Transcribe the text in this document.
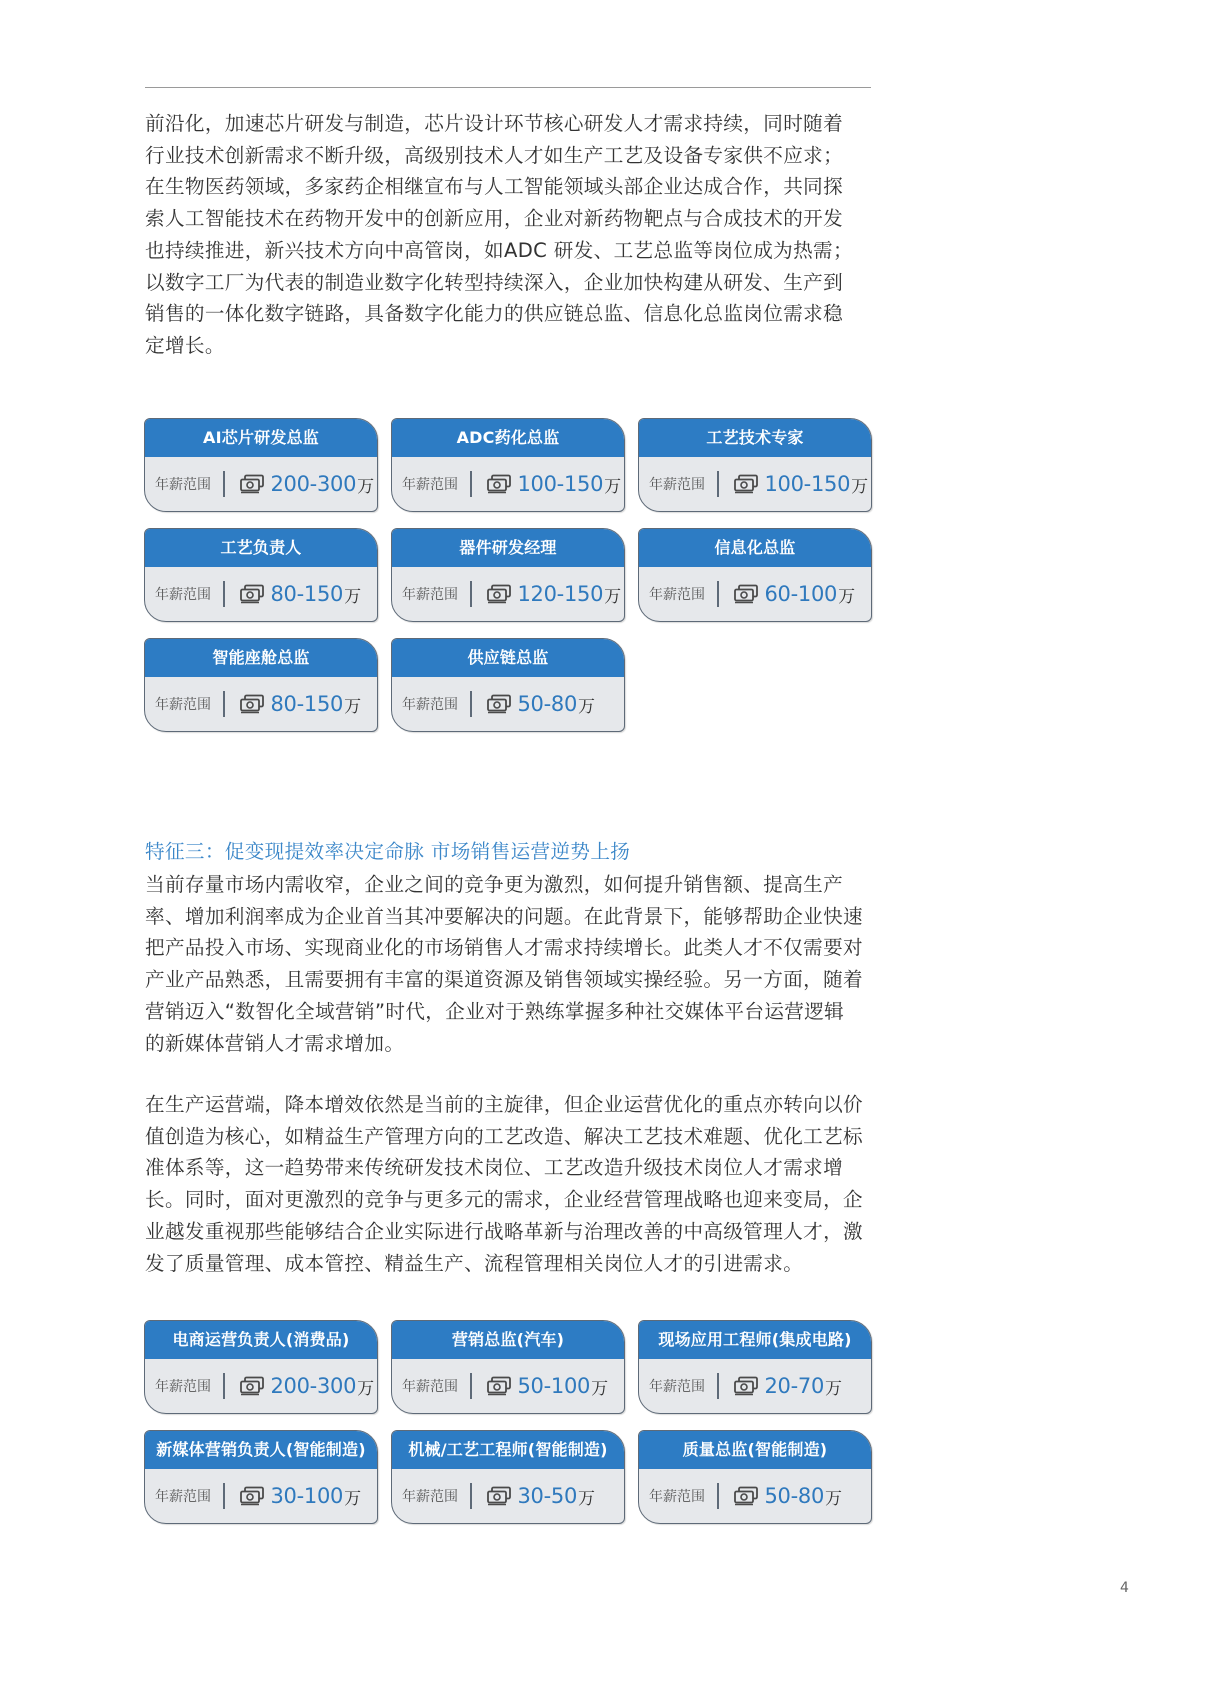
前沿化，加速芯片研发与制造，芯片设计环节核心研发人才需求持续，同时随着
行业技术创新需求不断升级，高级别技术人才如生产工艺及设备专家供不应求；
在生物医药领域，多家药企相继宣布与人工智能领域头部企业达成合作，共同探
索人工智能技术在药物开发中的创新应用，企业对新药物靶点与合成技术的开发
也持续推进，新兴技术方向中高管岗，如ADC 研发、工艺总监等岗位成为热需；
以数字工厂为代表的制造业数字化转型持续深入，企业加快构建从研发、生产到
销售的一体化数字链路，具备数字化能力的供应链总监、信息化总监岗位需求稳
定增长。
AI芯片研发总监
年薪范围	200-300 万
ADC药化总监
年薪范围	100-150 万
工艺技术专家
年薪范围	100-150 万
工艺负责人
年薪范围	80-150 万
器件研发经理
年薪范围	120-150 万
信息化总监
年薪范围	60-100 万
智能座舱总监
年薪范围	80-150 万
供应链总监
年薪范围	50-80 万
特征三：促变现提效率决定命脉 市场销售运营逆势上扬
当前存量市场内需收窄，企业之间的竞争更为激烈，如何提升销售额、提高生产
率、增加利润率成为企业首当其冲要解决的问题。在此背景下，能够帮助企业快速
把产品投入市场、实现商业化的市场销售人才需求持续增长。此类人才不仅需要对
产业产品熟悉，且需要拥有丰富的渠道资源及销售领域实操经验。另一方面，随着
营销迈入“数智化全域营销”时代，企业对于熟练掌握多种社交媒体平台运营逻辑
的新媒体营销人才需求增加。
在生产运营端，降本增效依然是当前的主旋律，但企业运营优化的重点亦转向以价
值创造为核心，如精益生产管理方向的工艺改造、解决工艺技术难题、优化工艺标
准体系等，这一趋势带来传统研发技术岗位、工艺改造升级技术岗位人才需求增
长。同时，面对更激烈的竞争与更多元的需求，企业经营管理战略也迎来变局，企
业越发重视那些能够结合企业实际进行战略革新与治理改善的中高级管理人才，激
发了质量管理、成本管控、精益生产、流程管理相关岗位人才的引进需求。
电商运营负责人(消费品)
年薪范围	200-300 万
营销总监(汽车)
年薪范围	50-100 万
现场应用工程师(集成电路)
年薪范围	20-70 万
新媒体营销负责人(智能制造)
年薪范围	30-100 万
机械/工艺工程师(智能制造)
年薪范围	30-50 万
质量总监(智能制造)
年薪范围	50-80 万
4
